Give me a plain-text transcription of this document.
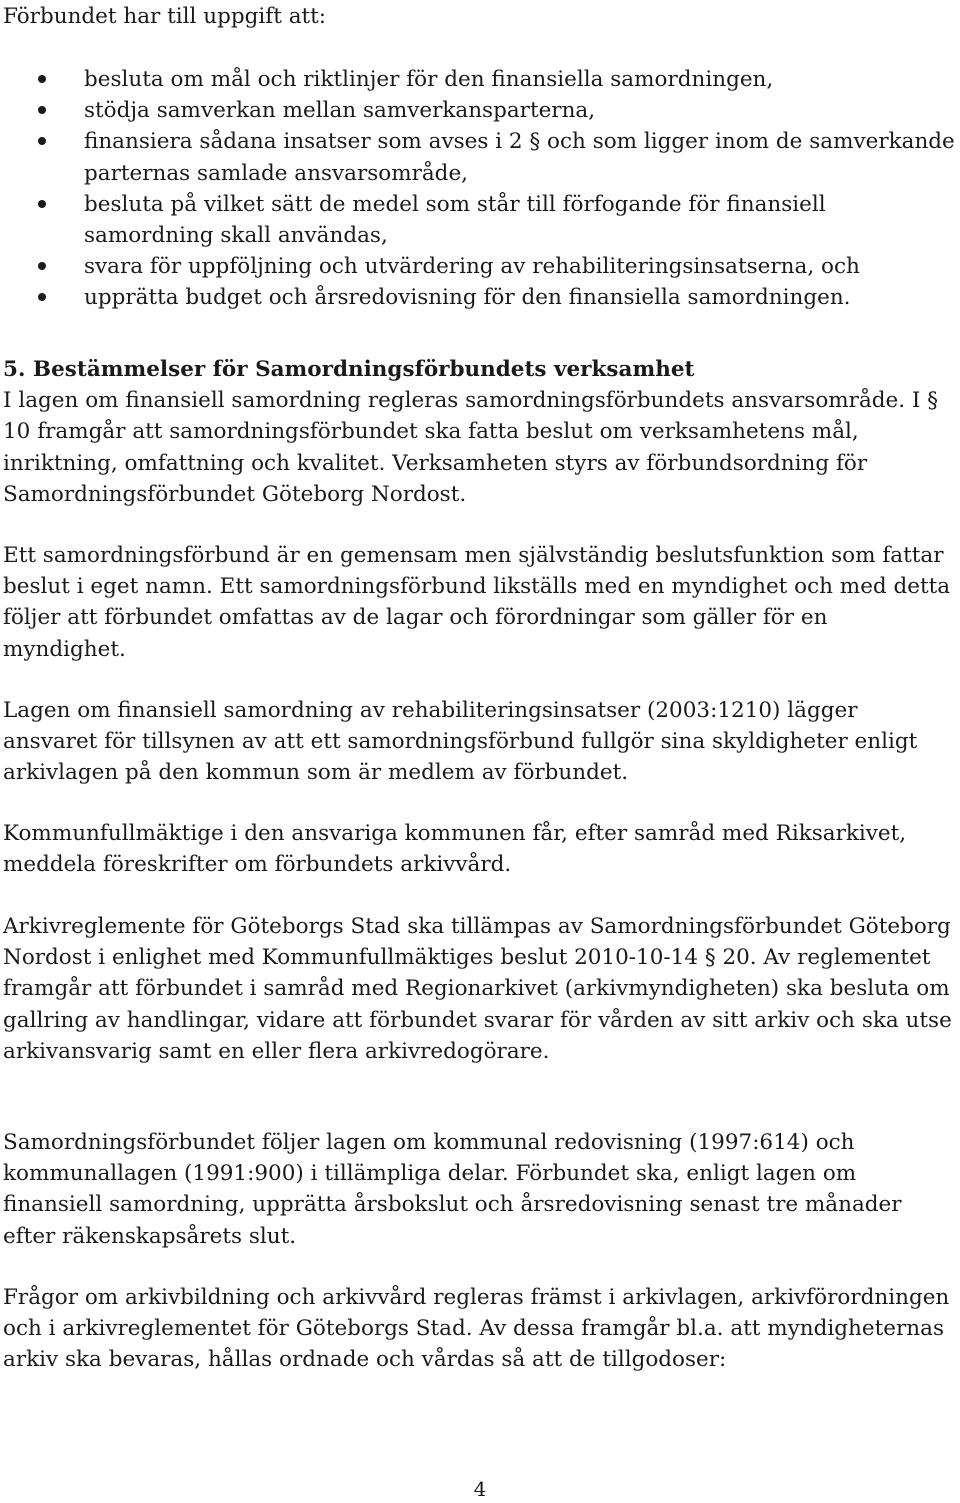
Förbundet har till uppgift att:

besluta om mål och riktlinjer för den finansiella samordningen,
stödja samverkan mellan samverkansparterna,
finansiera sådana insatser som avses i 2 § och som ligger inom de samverkande parternas samlade ansvarsområde,
besluta på vilket sätt de medel som står till förfogande för finansiell samordning skall användas,
svara för uppföljning och utvärdering av rehabiliteringsinsatserna, och
upprätta budget och årsredovisning för den finansiella samordningen.
5. Bestämmelser för Samordningsförbundets verksamhet
I lagen om finansiell samordning regleras samordningsförbundets ansvarsområde. I § 10 framgår att samordningsförbundet ska fatta beslut om verksamhetens mål, inriktning, omfattning och kvalitet. Verksamheten styrs av förbundsordning för Samordningsförbundet Göteborg Nordost.

Ett samordningsförbund är en gemensam men självständig beslutsfunktion som fattar beslut i eget namn. Ett samordningsförbund likställs med en myndighet och med detta följer att förbundet omfattas av de lagar och förordningar som gäller för en myndighet.

Lagen om finansiell samordning av rehabiliteringsinsatser (2003:1210) lägger ansvaret för tillsynen av att ett samordningsförbund fullgör sina skyldigheter enligt arkivlagen på den kommun som är medlem av förbundet.

Kommunfullmäktige i den ansvariga kommunen får, efter samråd med Riksarkivet, meddela föreskrifter om förbundets arkivvård.

Arkivreglemente för Göteborgs Stad ska tillämpas av Samordningsförbundet Göteborg Nordost i enlighet med Kommunfullmäktiges beslut 2010-10-14 § 20. Av reglementet framgår att förbundet i samråd med Regionarkivet (arkivmyndigheten) ska besluta om gallring av handlingar, vidare att förbundet svarar för vården av sitt arkiv och ska utse arkivansvarig samt en eller flera arkivredogörare.

Samordningsförbundet följer lagen om kommunal redovisning (1997:614) och kommunallagen (1991:900) i tillämpliga delar. Förbundet ska, enligt lagen om finansiell samordning, upprätta årsbokslut och årsredovisning senast tre månader efter räkenskapsårets slut.

Frågor om arkivbildning och arkivvård regleras främst i arkivlagen, arkivförordningen och i arkivreglementet för Göteborgs Stad. Av dessa framgår bl.a. att myndigheternas arkiv ska bevaras, hållas ordnade och vårdas så att de tillgodoser:

4
